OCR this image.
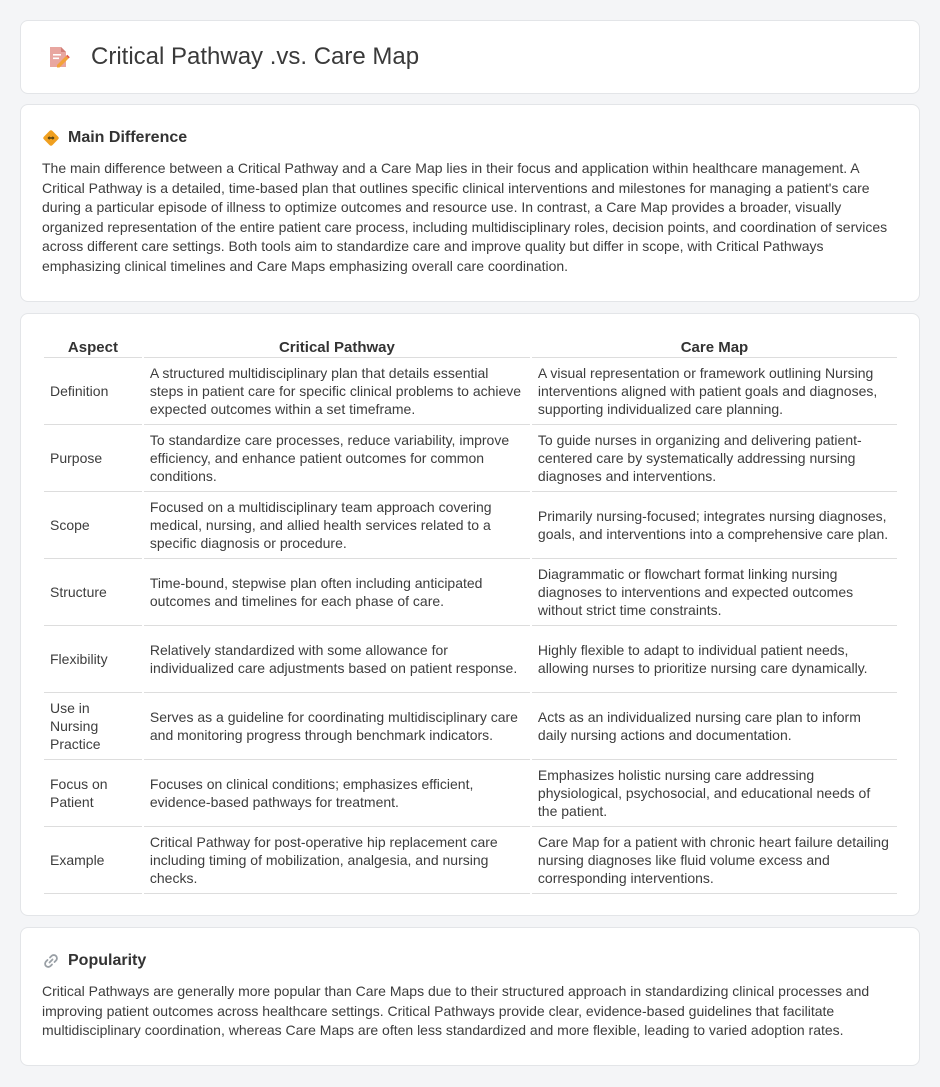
Critical Pathway .vs. Care Map
Main Difference

The main difference between a Critical Pathway and a Care Map lies in their focus and application within healthcare management. A Critical Pathway is a detailed, time-based plan that outlines specific clinical interventions and milestones for managing a patient's care during a particular episode of illness to optimize outcomes and resource use. In contrast, a Care Map provides a broader, visually organized representation of the entire patient care process, including multidisciplinary roles, decision points, and coordination of services across different care settings. Both tools aim to standardize care and improve quality but differ in scope, with Critical Pathways emphasizing clinical timelines and Care Maps emphasizing overall care coordination.

Aspect	Critical Pathway	Care Map
Definition	A structured multidisciplinary plan that details essential steps in patient care for specific clinical problems to achieve expected outcomes within a set timeframe.	A visual representation or framework outlining Nursing interventions aligned with patient goals and diagnoses, supporting individualized care planning.
Purpose	To standardize care processes, reduce variability, improve efficiency, and enhance patient outcomes for common conditions.	To guide nurses in organizing and delivering patient-centered care by systematically addressing nursing diagnoses and interventions.
Scope	Focused on a multidisciplinary team approach covering medical, nursing, and allied health services related to a specific diagnosis or procedure.	Primarily nursing-focused; integrates nursing diagnoses, goals, and interventions into a comprehensive care plan.
Structure	Time-bound, stepwise plan often including anticipated outcomes and timelines for each phase of care.	Diagrammatic or flowchart format linking nursing diagnoses to interventions and expected outcomes without strict time constraints.
Flexibility	Relatively standardized with some allowance for individualized care adjustments based on patient response.	Highly flexible to adapt to individual patient needs, allowing nurses to prioritize nursing care dynamically.
Use in Nursing Practice	Serves as a guideline for coordinating multidisciplinary care and monitoring progress through benchmark indicators.	Acts as an individualized nursing care plan to inform daily nursing actions and documentation.
Focus on Patient	Focuses on clinical conditions; emphasizes efficient, evidence-based pathways for treatment.	Emphasizes holistic nursing care addressing physiological, psychosocial, and educational needs of the patient.
Example	Critical Pathway for post-operative hip replacement care including timing of mobilization, analgesia, and nursing checks.	Care Map for a patient with chronic heart failure detailing nursing diagnoses like fluid volume excess and corresponding interventions.
Popularity

Critical Pathways are generally more popular than Care Maps due to their structured approach in standardizing clinical processes and improving patient outcomes across healthcare settings. Critical Pathways provide clear, evidence-based guidelines that facilitate multidisciplinary coordination, whereas Care Maps are often less standardized and more flexible, leading to varied adoption rates.
